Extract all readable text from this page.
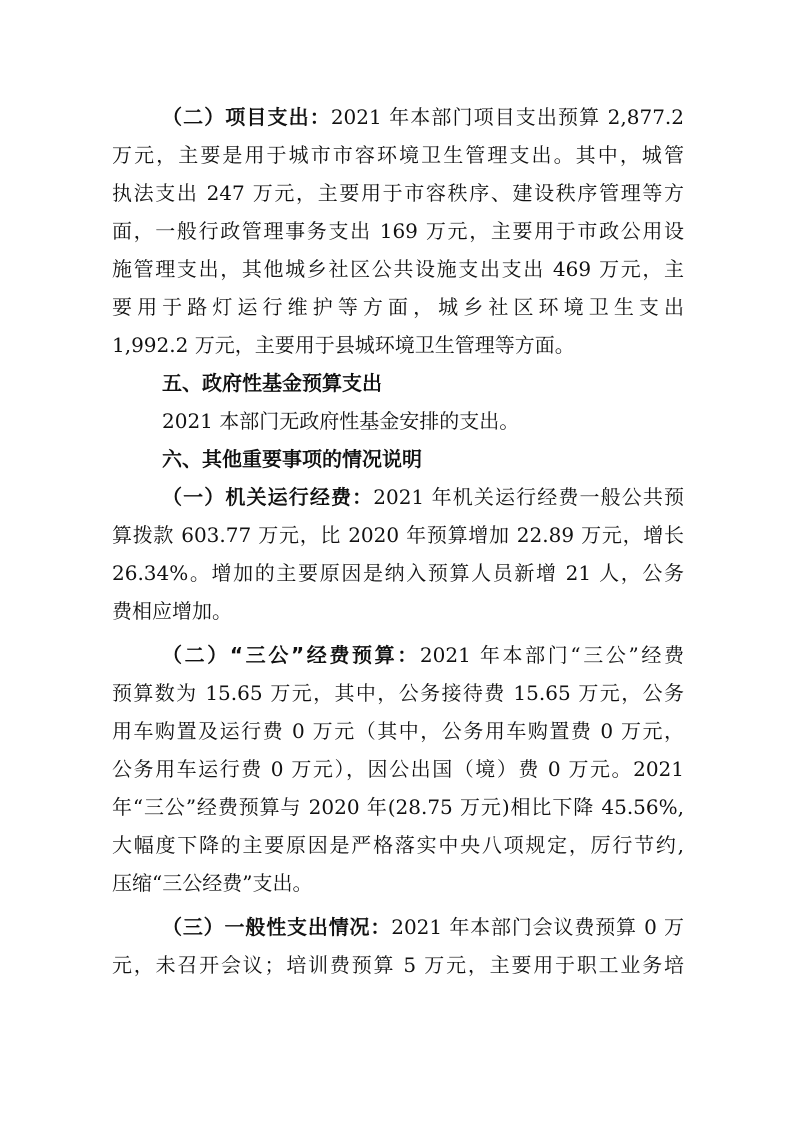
（二）项目支出：2021 年本部门项目支出预算 2,877.2
万元，主要是用于城市市容环境卫生管理支出。其中，城管
执法支出 247 万元，主要用于市容秩序、建设秩序管理等方
面，一般行政管理事务支出 169 万元，主要用于市政公用设
施管理支出，其他城乡社区公共设施支出支出 469 万元，主
要用于路灯运行维护等方面，城乡社区环境卫生支出
1,992.2 万元，主要用于县城环境卫生管理等方面。
五、政府性基金预算支出
2021 本部门无政府性基金安排的支出。
六、其他重要事项的情况说明
（一）机关运行经费：2021 年机关运行经费一般公共预
算拨款 603.77 万元，比 2020 年预算增加 22.89 万元，增长
26.34%。增加的主要原因是纳入预算人员新增 21 人，公务
费相应增加。
（二）“三公”经费预算：2021 年本部门“三公”经费
预算数为 15.65 万元，其中，公务接待费 15.65 万元，公务
用车购置及运行费 0 万元（其中，公务用车购置费 0 万元，
公务用车运行费 0 万元），因公出国（境）费 0 万元。2021
年“三公”经费预算与 2020 年(28.75 万元)相比下降 45.56%,
大幅度下降的主要原因是严格落实中央八项规定，厉行节约,
压缩“三公经费”支出。
（三）一般性支出情况：2021 年本部门会议费预算 0 万
元，未召开会议；培训费预算 5 万元，主要用于职工业务培
